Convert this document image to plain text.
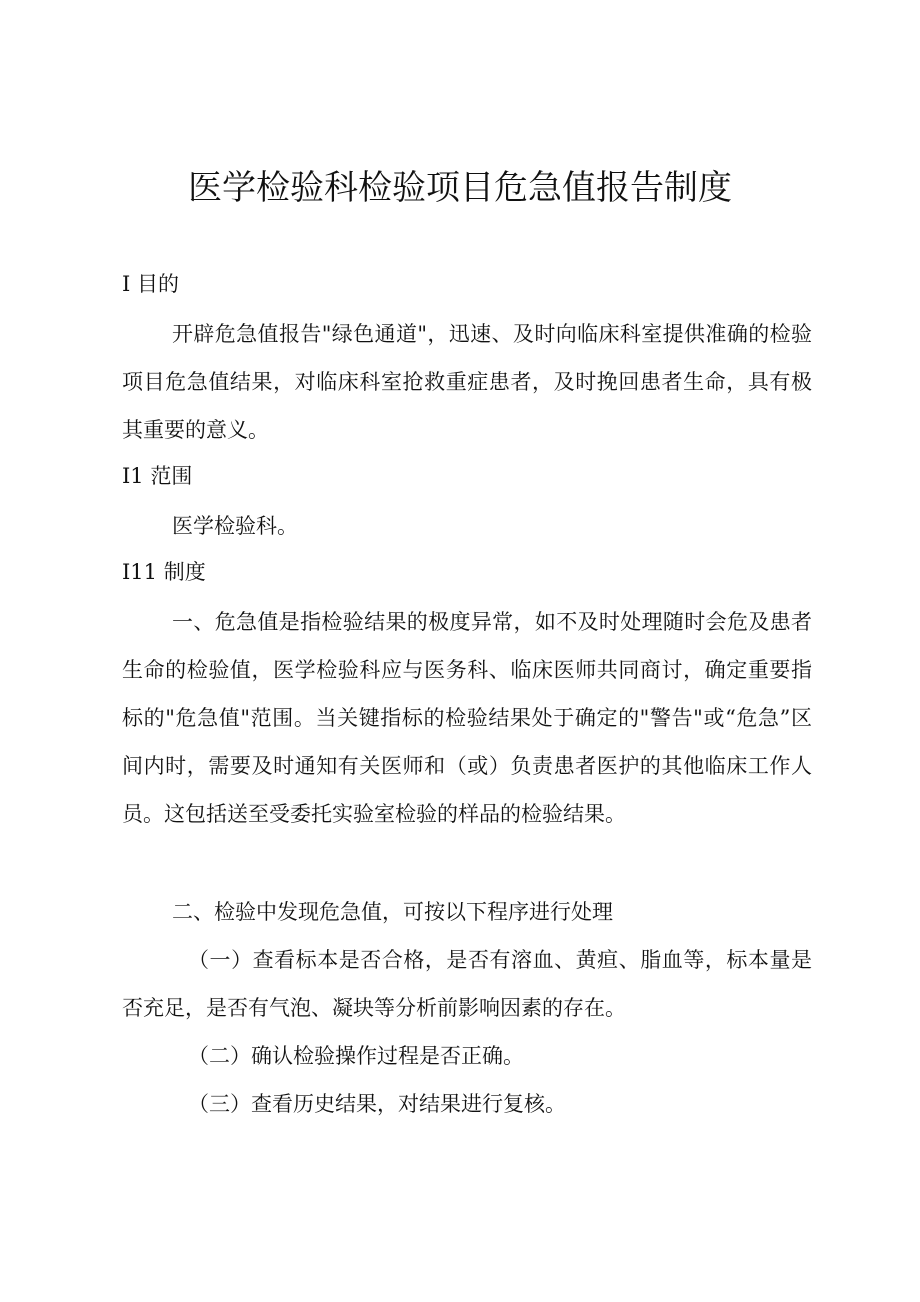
医学检验科检验项目危急值报告制度
I 目的

开辟危急值报告"绿色通道"，迅速、及时向临床科室提供准确的检验项目危急值结果，对临床科室抢救重症患者，及时挽回患者生命，具有极其重要的意义。

I1 范围

医学检验科。

I11 制度

一、危急值是指检验结果的极度异常，如不及时处理随时会危及患者生命的检验值，医学检验科应与医务科、临床医师共同商讨，确定重要指标的"危急值"范围。当关键指标的检验结果处于确定的"警告"或“危急”区间内时，需要及时通知有关医师和（或）负责患者医护的其他临床工作人员。这包括送至受委托实验室检验的样品的检验结果。

二、检验中发现危急值，可按以下程序进行处理

（一）查看标本是否合格，是否有溶血、黄疸、脂血等，标本量是否充足，是否有气泡、凝块等分析前影响因素的存在。

（二）确认检验操作过程是否正确。

（三）查看历史结果，对结果进行复核。
